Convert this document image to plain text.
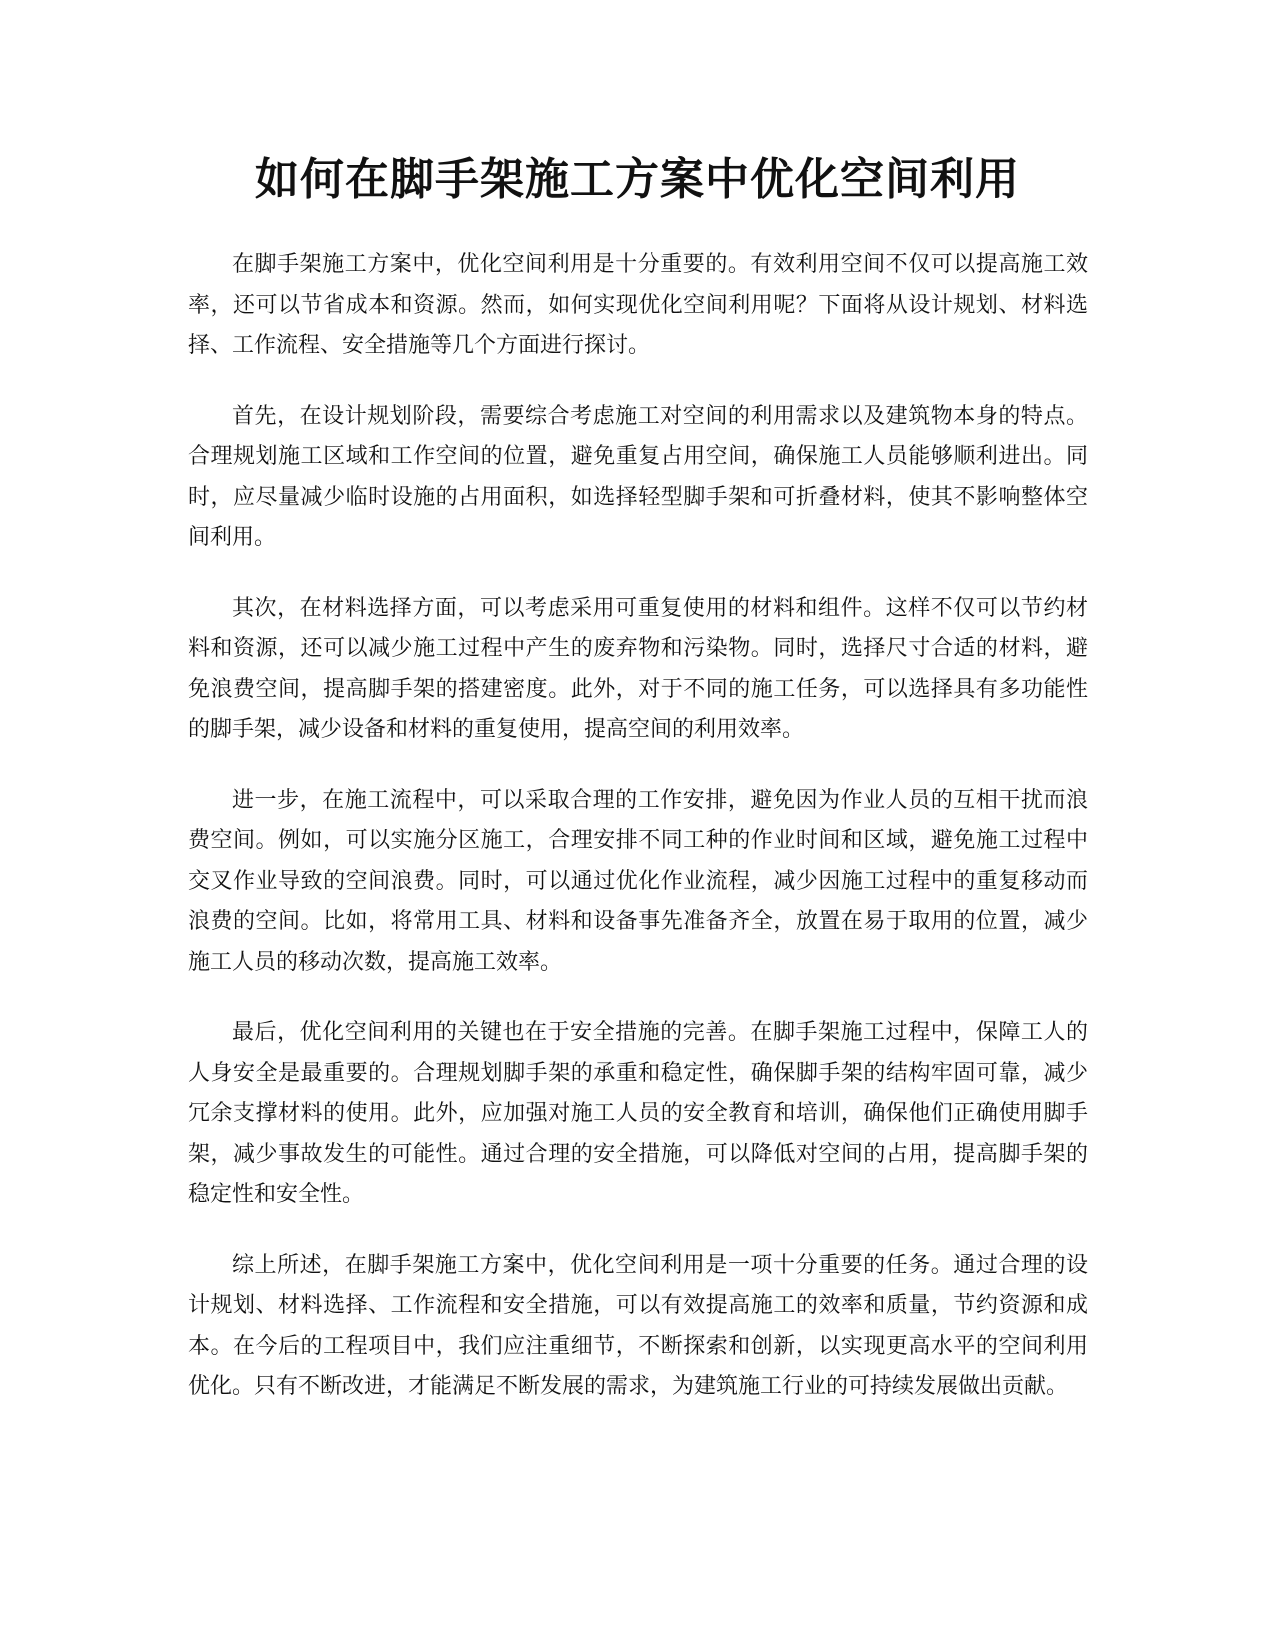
如何在脚手架施工方案中优化空间利用

在脚手架施工方案中，优化空间利用是十分重要的。有效利用空间不仅可以提高施工效率，还可以节省成本和资源。然而，如何实现优化空间利用呢？下面将从设计规划、材料选择、工作流程、安全措施等几个方面进行探讨。

首先，在设计规划阶段，需要综合考虑施工对空间的利用需求以及建筑物本身的特点。合理规划施工区域和工作空间的位置，避免重复占用空间，确保施工人员能够顺利进出。同时，应尽量减少临时设施的占用面积，如选择轻型脚手架和可折叠材料，使其不影响整体空间利用。

其次，在材料选择方面，可以考虑采用可重复使用的材料和组件。这样不仅可以节约材料和资源，还可以减少施工过程中产生的废弃物和污染物。同时，选择尺寸合适的材料，避免浪费空间，提高脚手架的搭建密度。此外，对于不同的施工任务，可以选择具有多功能性的脚手架，减少设备和材料的重复使用，提高空间的利用效率。

进一步，在施工流程中，可以采取合理的工作安排，避免因为作业人员的互相干扰而浪费空间。例如，可以实施分区施工，合理安排不同工种的作业时间和区域，避免施工过程中交叉作业导致的空间浪费。同时，可以通过优化作业流程，减少因施工过程中的重复移动而浪费的空间。比如，将常用工具、材料和设备事先准备齐全，放置在易于取用的位置，减少施工人员的移动次数，提高施工效率。

最后，优化空间利用的关键也在于安全措施的完善。在脚手架施工过程中，保障工人的人身安全是最重要的。合理规划脚手架的承重和稳定性，确保脚手架的结构牢固可靠，减少冗余支撑材料的使用。此外，应加强对施工人员的安全教育和培训，确保他们正确使用脚手架，减少事故发生的可能性。通过合理的安全措施，可以降低对空间的占用，提高脚手架的稳定性和安全性。

综上所述，在脚手架施工方案中，优化空间利用是一项十分重要的任务。通过合理的设计规划、材料选择、工作流程和安全措施，可以有效提高施工的效率和质量，节约资源和成本。在今后的工程项目中，我们应注重细节，不断探索和创新，以实现更高水平的空间利用优化。只有不断改进，才能满足不断发展的需求，为建筑施工行业的可持续发展做出贡献。
